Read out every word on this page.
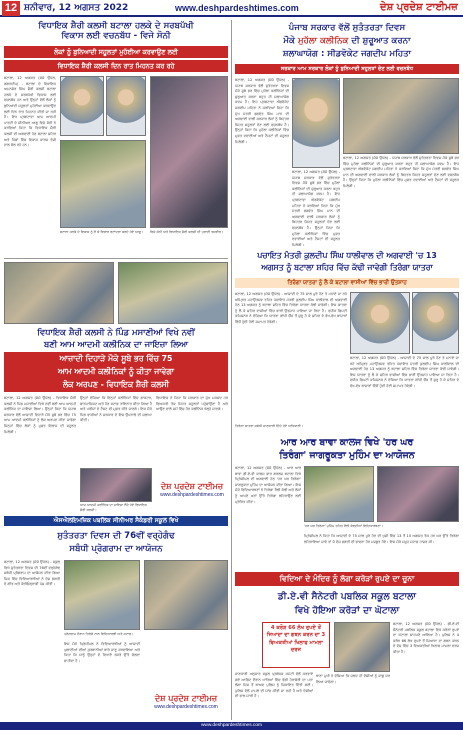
12 ਸ਼ਨੀਵਾਰ, 12 ਅਗਸਤ 2022	www.deshpardeshtimes.com	ਦੇਸ਼ ਪ੍ਰਦੇਸ਼ ਟਾਈਮਜ਼
ਵਿਧਾਇਕ ਸ਼ੈਰੀ ਕਲਸੀ ਬਟਾਲਾ ਹਲਕੇ ਦੇ ਸਰਬਪੱਖੀ
ਵਿਕਾਸ ਲਈ ਵਚਨਬੱਧ - ਵਿਜੇ ਸੋਨੀ
ਲੋਕਾਂ ਨੂੰ ਬੁਨਿਆਦੀ ਸਹੂਲਤਾਂ ਮੁਹੱਈਆ ਕਰਵਾਉਣ ਲਈ
ਵਿਧਾਇਕ ਸ਼ੈਰੀ ਕਲਸੀ ਦਿਨ ਰਾਤ ਮਿਹਨਤ ਕਰ ਰਹੇ
ਬਟਾਲਾ, 12 ਅਗਸਤ (ਸੰਜੇ ਉਪੱਲ, ਗਗਨਦੀਪ) - ਬਟਾਲਾ ਦੇ ਵਿਧਾਇਕ ਅਮਨਸ਼ੇਰ ਸਿੰਘ ਸ਼ੈਰੀ ਕਲਸੀ ਬਟਾਲਾ ਹਲਕੇ ਦੇ ਸਰਬਪੱਖੀ ਵਿਕਾਸ ਲਈ ਵਚਨਬੱਧ ਹਨ ਅਤੇ ਉਨ੍ਹਾਂ ਵੱਲੋਂ ਲੋਕਾਂ ਨੂੰ ਬੁਨਿਆਦੀ ਸਹੂਲਤਾਂ ਮੁਹੱਈਆ ਕਰਵਾਉਣ ਲਈ ਦਿਨ ਰਾਤ ਮਿਹਨਤ ਕੀਤੀ ਜਾ ਰਹੀ ਹੈ। ਇਹ ਪ੍ਰਗਟਾਵਾ ਆਮ ਆਦਮੀ ਪਾਰਟੀ ਦੇ ਸੀਨੀਅਰ ਆਗੂ ਵਿਜੇ ਸੋਨੀ ਨੇ ਕਰਦਿਆਂ ਕਿਹਾ ਕਿ ਵਿਧਾਇਕ ਸ਼ੈਰੀ ਕਲਸੀ ਦੀ ਅਗਵਾਈ ਹੇਠ ਬਟਾਲਾ ਸ਼ਹਿਰ ਅਤੇ ਪਿੰਡਾਂ ਵਿੱਚ ਵਿਕਾਸ ਕਾਰਜ ਤੇਜ਼ੀ ਨਾਲ ਚੱਲ ਰਹੇ ਹਨ।
ਬਟਾਲਾ ਹਲਕੇ ਦੇ ਵਿਕਾਸ ਨੂੰ ਲੈ ਕੇ ਵਿਚਾਰ ਵਟਾਂਦਰਾ ਕਰਦੇ ਹੋਏ ਆਗੂ।	ਵਿਜੇ ਸੋਨੀ ਅਤੇ ਵਿਧਾਇਕ ਸ਼ੈਰੀ ਕਲਸੀ ਦੀ ਪੁਰਾਣੀ ਤਸਵੀਰ।
ਵਿਧਾਇਕ ਸ਼ੈਰੀ ਕਲਸੀ ਨੇ ਪਿੰਡ ਮਸਾਣੀਆਂ ਵਿਖੇ ਨਵੀਂ
ਬਣੀ ਆਮ ਆਦਮੀ ਕਲੀਨਿਕ ਦਾ ਜਾਇਜ਼ਾ ਲਿਆ
ਆਜ਼ਾਦੀ ਦਿਹਾੜੇ ਮੌਕੇ ਸੂਬੇ ਭਰ ਵਿੱਚ 75
ਆਮ ਆਦਮੀ ਕਲੀਨਿਕਾਂ ਨੂੰ ਕੀਤਾ ਜਾਵੇਗਾ
ਲੋਕ ਅਰਪਣ - ਵਿਧਾਇਕ ਸ਼ੈਰੀ ਕਲਸੀ
ਬਟਾਲਾ, 12 ਅਗਸਤ (ਸੰਜੇ ਉਪੱਲ) - ਵਿਧਾਇਕ ਸ਼ੈਰੀ ਕਲਸੀ ਨੇ ਪਿੰਡ ਮਸਾਣੀਆਂ ਵਿਖੇ ਨਵੀਂ ਬਣੀ ਆਮ ਆਦਮੀ ਕਲੀਨਿਕ ਦਾ ਜਾਇਜ਼ਾ ਲਿਆ। ਉਨ੍ਹਾਂ ਕਿਹਾ ਕਿ ਪੰਜਾਬ ਸਰਕਾਰ ਵੱਲੋਂ ਆਜ਼ਾਦੀ ਦਿਹਾੜੇ ਮੌਕੇ ਸੂਬੇ ਭਰ ਵਿੱਚ 75 ਆਮ ਆਦਮੀ ਕਲੀਨਿਕਾਂ ਨੂੰ ਲੋਕ ਅਰਪਣ ਕੀਤਾ ਜਾਵੇਗਾ ਜਿਨ੍ਹਾਂ ਵਿੱਚ ਲੋਕਾਂ ਨੂੰ ਮੁਫ਼ਤ ਇਲਾਜ ਦੀ ਸਹੂਲਤ ਮਿਲੇਗੀ।
ਉਨ੍ਹਾਂ ਦੱਸਿਆ ਕਿ ਇਨ੍ਹਾਂ ਕਲੀਨਿਕਾਂ ਵਿੱਚ ਡਾਕਟਰ, ਫਾਰਮਾਸਿਸਟ ਅਤੇ ਹੋਰ ਸਟਾਫ਼ ਤਾਇਨਾਤ ਕੀਤਾ ਗਿਆ ਹੈ ਅਤੇ ਮਰੀਜ਼ਾਂ ਦੇ ਟੈਸਟ ਵੀ ਮੁਫ਼ਤ ਕੀਤੇ ਜਾਣਗੇ। ਇਸ ਮੌਕੇ ਪਿੰਡ ਵਾਸੀਆਂ ਨੇ ਸਰਕਾਰ ਦੇ ਇਸ ਉਪਰਾਲੇ ਦੀ ਸ਼ਲਾਘਾ ਕੀਤੀ।
ਵਿਧਾਇਕ ਨੇ ਕਿਹਾ ਕਿ ਸਰਕਾਰ ਦਾ ਮੁੱਖ ਮਕਸਦ ਹਰ ਵਿਅਕਤੀ ਤੱਕ ਸਿਹਤ ਸਹੂਲਤਾਂ ਪਹੁੰਚਾਉਣਾ ਹੈ ਅਤੇ ਆਉਣ ਵਾਲੇ ਸਮੇਂ ਵਿੱਚ ਹੋਰ ਕਲੀਨਿਕ ਖੋਲ੍ਹੇ ਜਾਣਗੇ।
ਆਮ ਆਦਮੀ ਕਲੀਨਿਕ ਦਾ ਜਾਇਜ਼ਾ ਲੈਂਦੇ ਹੋਏ ਵਿਧਾਇਕ ਸ਼ੈਰੀ ਕਲਸੀ।
ਦੇਸ਼ ਪ੍ਰਦੇਸ਼ ਟਾਈਮਜ਼
www.deshpardeshtimes.com
ਐਸਐਲਇਮਜ਼ਿਕ ਪਬਲਿਕ ਸੀਨੀਅਰ ਸੈਕੰਡਰੀ ਸਕੂਲ ਵਿਖੇ
ਸੁਤੰਤਰਤਾ ਦਿਵਸ ਦੀ 76ਵੀਂ ਵਰ੍ਹੇਗੰਢ
ਸਬੰਧੀ ਪ੍ਰੋਗਰਾਮ ਦਾ ਆਯੋਜਨ
ਬਟਾਲਾ, 12 ਅਗਸਤ (ਸੰਜੇ ਉਪੱਲ) - ਸਕੂਲ ਵਿਖੇ ਸੁਤੰਤਰਤਾ ਦਿਵਸ ਦੀ 76ਵੀਂ ਵਰ੍ਹੇਗੰਢ ਸਬੰਧੀ ਪ੍ਰੋਗਰਾਮ ਦਾ ਆਯੋਜਨ ਕੀਤਾ ਗਿਆ ਜਿਸ ਵਿੱਚ ਵਿਦਿਆਰਥੀਆਂ ਨੇ ਦੇਸ਼ ਭਗਤੀ ਦੇ ਗੀਤ ਅਤੇ ਕੋਰੀਓਗ੍ਰਾਫੀ ਪੇਸ਼ ਕੀਤੀ।
ਪ੍ਰੋਗਰਾਮ ਦੌਰਾਨ ਤਿਰੰਗੇ ਨਾਲ ਵਿਦਿਆਰਥੀ ਅਤੇ ਸਟਾਫ਼।
ਇਸ ਮੌਕੇ ਪ੍ਰਿੰਸੀਪਲ ਨੇ ਵਿਦਿਆਰਥੀਆਂ ਨੂੰ ਆਜ਼ਾਦੀ ਘੁਲਾਟੀਆਂ ਦੀਆਂ ਕੁਰਬਾਨੀਆਂ ਬਾਰੇ ਜਾਣੂ ਕਰਵਾਇਆ ਅਤੇ ਕਿਹਾ ਕਿ ਸਾਨੂੰ ਉਨ੍ਹਾਂ ਦੇ ਦਿਖਾਏ ਰਸਤੇ ਉੱਤੇ ਚੱਲਣਾ ਚਾਹੀਦਾ ਹੈ।
ਦੇਸ਼ ਪ੍ਰਦੇਸ਼ ਟਾਈਮਜ਼
www.deshpardeshtimes.com
ਪੰਜਾਬ ਸਰਕਾਰ ਵੱਲੋਂ ਸੁਤੰਤਰਤਾ ਦਿਵਸ
ਮੌਕੇ ਮੁਹੱਲਾ ਕਲੀਨਿਕ ਦੀ ਸ਼ੁਰੂਆਤ ਕਰਨਾ
ਸ਼ਲਾਘਾਯੋਗ : ਸੀਡਵੋਕੇਟ ਜਗਦੀਪ ਮਹਿਤਾ
ਸਰਕਾਰ ਆਮ ਸਰਕਾਰ ਲੋਕਾਂ ਨੂੰ ਬੁਨਿਆਦੀ ਸਹੂਲਤਾਂ ਦੇਣ ਲਈ ਵਚਨਬੱਧ
ਬਟਾਲਾ, 12 ਅਗਸਤ (ਸੰਜੇ ਉਪੱਲ) - ਪੰਜਾਬ ਸਰਕਾਰ ਵੱਲੋਂ ਸੁਤੰਤਰਤਾ ਦਿਵਸ ਮੌਕੇ ਸੂਬੇ ਭਰ ਵਿੱਚ ਮੁਹੱਲਾ ਕਲੀਨਿਕਾਂ ਦੀ ਸ਼ੁਰੂਆਤ ਕਰਨਾ ਬਹੁਤ ਹੀ ਸ਼ਲਾਘਾਯੋਗ ਕਦਮ ਹੈ। ਇਹ ਪ੍ਰਗਟਾਵਾ ਐਡਵੋਕੇਟ ਜਗਦੀਪ ਮਹਿਤਾ ਨੇ ਕਰਦਿਆਂ ਕਿਹਾ ਕਿ ਮੁੱਖ ਮੰਤਰੀ ਭਗਵੰਤ ਸਿੰਘ ਮਾਨ ਦੀ ਅਗਵਾਈ ਵਾਲੀ ਸਰਕਾਰ ਲੋਕਾਂ ਨੂੰ ਬਿਹਤਰ ਸਿਹਤ ਸਹੂਲਤਾਂ ਦੇਣ ਲਈ ਵਚਨਬੱਧ ਹੈ। ਉਨ੍ਹਾਂ ਕਿਹਾ ਕਿ ਮੁਹੱਲਾ ਕਲੀਨਿਕਾਂ ਵਿੱਚ ਮੁਫ਼ਤ ਦਵਾਈਆਂ ਅਤੇ ਟੈਸਟਾਂ ਦੀ ਸਹੂਲਤ ਮਿਲੇਗੀ।
ਬਟਾਲਾ, 12 ਅਗਸਤ (ਸੰਜੇ ਉਪੱਲ) - ਪੰਜਾਬ ਸਰਕਾਰ ਵੱਲੋਂ ਸੁਤੰਤਰਤਾ ਦਿਵਸ ਮੌਕੇ ਸੂਬੇ ਭਰ ਵਿੱਚ ਮੁਹੱਲਾ ਕਲੀਨਿਕਾਂ ਦੀ ਸ਼ੁਰੂਆਤ ਕਰਨਾ ਬਹੁਤ ਹੀ ਸ਼ਲਾਘਾਯੋਗ ਕਦਮ ਹੈ। ਇਹ ਪ੍ਰਗਟਾਵਾ ਐਡਵੋਕੇਟ ਜਗਦੀਪ ਮਹਿਤਾ ਨੇ ਕਰਦਿਆਂ ਕਿਹਾ ਕਿ ਮੁੱਖ ਮੰਤਰੀ ਭਗਵੰਤ ਸਿੰਘ ਮਾਨ ਦੀ ਅਗਵਾਈ ਵਾਲੀ ਸਰਕਾਰ ਲੋਕਾਂ ਨੂੰ ਬਿਹਤਰ ਸਿਹਤ ਸਹੂਲਤਾਂ ਦੇਣ ਲਈ ਵਚਨਬੱਧ ਹੈ। ਉਨ੍ਹਾਂ ਕਿਹਾ ਕਿ ਮੁਹੱਲਾ ਕਲੀਨਿਕਾਂ ਵਿੱਚ ਮੁਫ਼ਤ ਦਵਾਈਆਂ ਅਤੇ ਟੈਸਟਾਂ ਦੀ ਸਹੂਲਤ ਮਿਲੇਗੀ।
ਬਟਾਲਾ, 12 ਅਗਸਤ (ਸੰਜੇ ਉਪੱਲ) - ਪੰਜਾਬ ਸਰਕਾਰ ਵੱਲੋਂ ਸੁਤੰਤਰਤਾ ਦਿਵਸ ਮੌਕੇ ਸੂਬੇ ਭਰ ਵਿੱਚ ਮੁਹੱਲਾ ਕਲੀਨਿਕਾਂ ਦੀ ਸ਼ੁਰੂਆਤ ਕਰਨਾ ਬਹੁਤ ਹੀ ਸ਼ਲਾਘਾਯੋਗ ਕਦਮ ਹੈ। ਇਹ ਪ੍ਰਗਟਾਵਾ ਐਡਵੋਕੇਟ ਜਗਦੀਪ ਮਹਿਤਾ ਨੇ ਕਰਦਿਆਂ ਕਿਹਾ ਕਿ ਮੁੱਖ ਮੰਤਰੀ ਭਗਵੰਤ ਸਿੰਘ ਮਾਨ ਦੀ ਅਗਵਾਈ ਵਾਲੀ ਸਰਕਾਰ ਲੋਕਾਂ ਨੂੰ ਬਿਹਤਰ ਸਿਹਤ ਸਹੂਲਤਾਂ ਦੇਣ ਲਈ ਵਚਨਬੱਧ ਹੈ। ਉਨ੍ਹਾਂ ਕਿਹਾ ਕਿ ਮੁਹੱਲਾ ਕਲੀਨਿਕਾਂ ਵਿੱਚ ਮੁਫ਼ਤ ਦਵਾਈਆਂ ਅਤੇ ਟੈਸਟਾਂ ਦੀ ਸਹੂਲਤ ਮਿਲੇਗੀ।
ਪਚਾਇਤ ਮੰਤਰੀ ਕੁਲਦੀਪ ਸਿੰਘ ਧਾਲੀਵਾਲ ਦੀ ਅਗਵਾਈ 'ਚ 13
ਅਗਸਤ ਨੂੰ ਬਟਾਲਾ ਸ਼ਹਿਰ ਵਿੱਚ ਕੱਢੀ ਜਾਵੇਗੀ ਤਿਰੰਗਾ ਯਾਤਰਾ
ਤਿਰੰਗਾ ਯਾਤਰਾ ਨੂੰ ਲੈ ਕੇ ਬਟਾਲਾ ਵਾਸੀਆਂ ਵਿੱਚ ਭਾਰੀ ਉਤਸ਼ਾਹ
ਬਟਾਲਾ, 12 ਅਗਸਤ (ਸੰਜੇ ਉਪੱਲ) - ਆਜ਼ਾਦੀ ਦੇ 75 ਸਾਲ ਪੂਰੇ ਹੋਣ ਤੇ ਮਨਾਏ ਜਾ ਰਹੇ ਅੰਮ੍ਰਿਤ ਮਹਾਉਤਸਵ ਤਹਿਤ ਪੰਚਾਇਤ ਮੰਤਰੀ ਕੁਲਦੀਪ ਸਿੰਘ ਧਾਲੀਵਾਲ ਦੀ ਅਗਵਾਈ ਹੇਠ 13 ਅਗਸਤ ਨੂੰ ਬਟਾਲਾ ਸ਼ਹਿਰ ਵਿੱਚ ਤਿਰੰਗਾ ਯਾਤਰਾ ਕੱਢੀ ਜਾਵੇਗੀ। ਇਸ ਯਾਤਰਾ ਨੂੰ ਲੈ ਕੇ ਸ਼ਹਿਰ ਵਾਸੀਆਂ ਵਿੱਚ ਭਾਰੀ ਉਤਸ਼ਾਹ ਪਾਇਆ ਜਾ ਰਿਹਾ ਹੈ। ਵਧੀਕ ਡਿਪਟੀ ਕਮਿਸ਼ਨਰ ਨੇ ਦੱਸਿਆ ਕਿ ਯਾਤਰਾ ਗਾਂਧੀ ਚੌਂਕ ਤੋਂ ਸ਼ੁਰੂ ਹੋ ਕੇ ਸ਼ਹਿਰ ਦੇ ਵੱਖ-ਵੱਖ ਬਾਜ਼ਾਰਾਂ ਵਿੱਚੋਂ ਹੁੰਦੀ ਹੋਈ ਸਮਾਪਤ ਹੋਵੇਗੀ।
ਬਟਾਲਾ, 12 ਅਗਸਤ (ਸੰਜੇ ਉਪੱਲ) - ਆਜ਼ਾਦੀ ਦੇ 75 ਸਾਲ ਪੂਰੇ ਹੋਣ ਤੇ ਮਨਾਏ ਜਾ ਰਹੇ ਅੰਮ੍ਰਿਤ ਮਹਾਉਤਸਵ ਤਹਿਤ ਪੰਚਾਇਤ ਮੰਤਰੀ ਕੁਲਦੀਪ ਸਿੰਘ ਧਾਲੀਵਾਲ ਦੀ ਅਗਵਾਈ ਹੇਠ 13 ਅਗਸਤ ਨੂੰ ਬਟਾਲਾ ਸ਼ਹਿਰ ਵਿੱਚ ਤਿਰੰਗਾ ਯਾਤਰਾ ਕੱਢੀ ਜਾਵੇਗੀ। ਇਸ ਯਾਤਰਾ ਨੂੰ ਲੈ ਕੇ ਸ਼ਹਿਰ ਵਾਸੀਆਂ ਵਿੱਚ ਭਾਰੀ ਉਤਸ਼ਾਹ ਪਾਇਆ ਜਾ ਰਿਹਾ ਹੈ। ਵਧੀਕ ਡਿਪਟੀ ਕਮਿਸ਼ਨਰ ਨੇ ਦੱਸਿਆ ਕਿ ਯਾਤਰਾ ਗਾਂਧੀ ਚੌਂਕ ਤੋਂ ਸ਼ੁਰੂ ਹੋ ਕੇ ਸ਼ਹਿਰ ਦੇ ਵੱਖ-ਵੱਖ ਬਾਜ਼ਾਰਾਂ ਵਿੱਚੋਂ ਹੁੰਦੀ ਹੋਈ ਸਮਾਪਤ ਹੋਵੇਗੀ।
ਤਿਰੰਗਾ ਯਾਤਰਾ ਸਬੰਧੀ ਜਾਣਕਾਰੀ ਦਿੰਦੇ ਹੋਏ ਅਧਿਕਾਰੀ।
ਆਰ ਆਰ ਬਾਵਾ ਕਾਲਜ ਵਿਖੇ 'ਹਰ ਘਰ
ਤਿਰੰਗਾ' ਜਾਗਰੂਕਤਾ ਮੁਹਿੰਮ ਦਾ ਆਯੋਜਨ
ਬਟਾਲਾ, 12 ਅਗਸਤ (ਸੰਜੇ ਉਪੱਲ) - ਆਰ ਆਰ ਬਾਵਾ ਡੀ.ਏ.ਵੀ ਕਾਲਜ ਫਾਰ ਗਰਲਜ਼ ਬਟਾਲਾ ਵਿਖੇ ਪ੍ਰਿੰਸੀਪਲ ਦੀ ਅਗਵਾਈ ਹੇਠ 'ਹਰ ਘਰ ਤਿਰੰਗਾ' ਜਾਗਰੂਕਤਾ ਮੁਹਿੰਮ ਦਾ ਆਯੋਜਨ ਕੀਤਾ ਗਿਆ। ਇਸ ਮੌਕੇ ਵਿਦਿਆਰਥਣਾਂ ਨੇ ਤਿਰੰਗਾ ਰੈਲੀ ਕੱਢੀ ਅਤੇ ਲੋਕਾਂ ਨੂੰ ਆਪਣੇ ਘਰਾਂ ਉੱਤੇ ਤਿਰੰਗਾ ਲਹਿਰਾਉਣ ਲਈ ਪ੍ਰੇਰਿਤ ਕੀਤਾ।
'ਹਰ ਘਰ ਤਿਰੰਗਾ' ਮੁਹਿੰਮ ਤਹਿਤ ਰੈਲੀ ਕੱਢਦੀਆਂ ਵਿਦਿਆਰਥਣਾਂ।
ਪ੍ਰਿੰਸੀਪਲ ਨੇ ਕਿਹਾ ਕਿ ਆਜ਼ਾਦੀ ਦੇ 75 ਸਾਲ ਪੂਰੇ ਹੋਣ ਦੀ ਖੁਸ਼ੀ ਵਿੱਚ 13 ਤੋਂ 15 ਅਗਸਤ ਤੱਕ ਹਰ ਘਰ ਉੱਤੇ ਤਿਰੰਗਾ ਲਹਿਰਾਇਆ ਜਾਵੇ ਤਾਂ ਜੋ ਦੇਸ਼ ਭਗਤੀ ਦੀ ਭਾਵਨਾ ਹੋਰ ਮਜ਼ਬੂਤ ਹੋਵੇ। ਇਸ ਮੌਕੇ ਸਮੂਹ ਸਟਾਫ਼ ਹਾਜ਼ਰ ਸੀ।
ਵਿਦਿਆ ਦੇ ਮੰਦਿਰ ਨੂੰ ਲੱਗਾ ਕਰੋੜਾਂ ਰੁਪਏ ਦਾ ਚੂਨਾ
ਡੀ.ਏ.ਵੀ ਸੈਨੇਟਰੀ ਪਬਲਿਕ ਸਕੂਲ ਬਟਾਲਾ
ਵਿਖੇ ਹੋਇਆ ਕਰੋੜਾਂ ਦਾ ਘੋਟਾਲਾ
4 ਕਰੋੜ 66 ਲੱਖ ਰੁਪਏ ਤੋਂ ਜਿਆਦਾ ਦਾ ਗਬਨ ਕਰਨ ਦਾ 3 ਵਿਅਕਤੀਆਂ ਖਿਲਾਫ ਮਾਮਲਾ ਦਰਜ
ਬਟਾਲਾ, 12 ਅਗਸਤ (ਸੰਜੇ ਉਪੱਲ) - ਡੀ.ਏ.ਵੀ ਸੈਨੇਟਰੀ ਪਬਲਿਕ ਸਕੂਲ ਬਟਾਲਾ ਵਿਖੇ ਕਰੋੜਾਂ ਰੁਪਏ ਦਾ ਘੋਟਾਲਾ ਸਾਹਮਣੇ ਆਇਆ ਹੈ। ਪੁਲਿਸ ਨੇ 4 ਕਰੋੜ 66 ਲੱਖ ਰੁਪਏ ਤੋਂ ਜ਼ਿਆਦਾ ਦਾ ਗਬਨ ਕਰਨ ਦੇ ਦੋਸ਼ ਵਿੱਚ 3 ਵਿਅਕਤੀਆਂ ਖਿਲਾਫ ਮਾਮਲਾ ਦਰਜ ਕੀਤਾ ਹੈ।
ਜਾਣਕਾਰੀ ਅਨੁਸਾਰ ਸਕੂਲ ਪ੍ਰਬੰਧਕ ਕਮੇਟੀ ਵੱਲੋਂ ਕਰਵਾਏ ਗਏ ਆਡਿਟ ਦੌਰਾਨ ਖਾਤਿਆਂ ਵਿੱਚ ਵੱਡੀ ਹੇਰਾਫੇਰੀ ਦਾ ਪਤਾ ਲੱਗਾ ਜਿਸ ਤੋਂ ਬਾਅਦ ਪੁਲਿਸ ਨੂੰ ਸ਼ਿਕਾਇਤ ਦਿੱਤੀ ਗਈ। ਪੁਲਿਸ ਵੱਲੋਂ ਮਾਮਲੇ ਦੀ ਜਾਂਚ ਕੀਤੀ ਜਾ ਰਹੀ ਹੈ ਅਤੇ ਦੋਸ਼ੀਆਂ ਦੀ ਭਾਲ ਜਾਰੀ ਹੈ।
ਥਾਣਾ ਮੁਖੀ ਨੇ ਦੱਸਿਆ ਕਿ ਜਲਦ ਹੀ ਦੋਸ਼ੀਆਂ ਨੂੰ ਕਾਬੂ ਕਰ ਲਿਆ ਜਾਵੇਗਾ।
www.deshpardeshtimes.com
